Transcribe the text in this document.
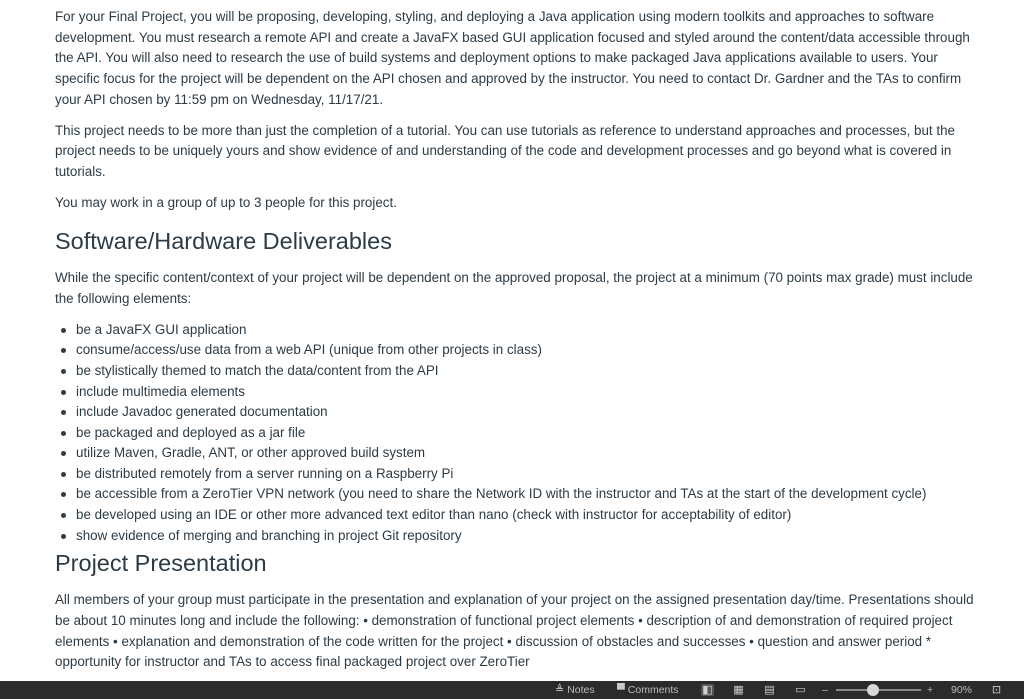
For your Final Project, you will be proposing, developing, styling, and deploying a Java application using modern toolkits and approaches to software development. You must research a remote API and create a JavaFX based GUI application focused and styled around the content/data accessible through the API. You will also need to research the use of build systems and deployment options to make packaged Java applications available to users. Your specific focus for the project will be dependent on the API chosen and approved by the instructor. You need to contact Dr. Gardner and the TAs to confirm your API chosen by 11:59 pm on Wednesday, 11/17/21.

This project needs to be more than just the completion of a tutorial. You can use tutorials as reference to understand approaches and processes, but the project needs to be uniquely yours and show evidence of and understanding of the code and development processes and go beyond what is covered in tutorials.

You may work in a group of up to 3 people for this project.

Software/Hardware Deliverables

While the specific content/context of your project will be dependent on the approved proposal, the project at a minimum (70 points max grade) must include the following elements:

be a JavaFX GUI application
consume/access/use data from a web API (unique from other projects in class)
be stylistically themed to match the data/content from the API
include multimedia elements
include Javadoc generated documentation
be packaged and deployed as a jar file
utilize Maven, Gradle, ANT, or other approved build system
be distributed remotely from a server running on a Raspberry Pi
be accessible from a ZeroTier VPN network (you need to share the Network ID with the instructor and TAs at the start of the development cycle)
be developed using an IDE or other more advanced text editor than nano (check with instructor for acceptability of editor)
show evidence of merging and branching in project Git repository
Project Presentation

All members of your group must participate in the presentation and explanation of your project on the assigned presentation day/time. Presentations should be about 10 minutes long and include the following: • demonstration of functional project elements • description of and demonstration of required project elements • explanation and demonstration of the code written for the project • discussion of obstacles and successes • question and answer period * opportunity for instructor and TAs to access final packaged project over ZeroTier

≜ Notes ▀ Comments ◧ ▦ ▤ ▭ –	+ 90% ⊡
